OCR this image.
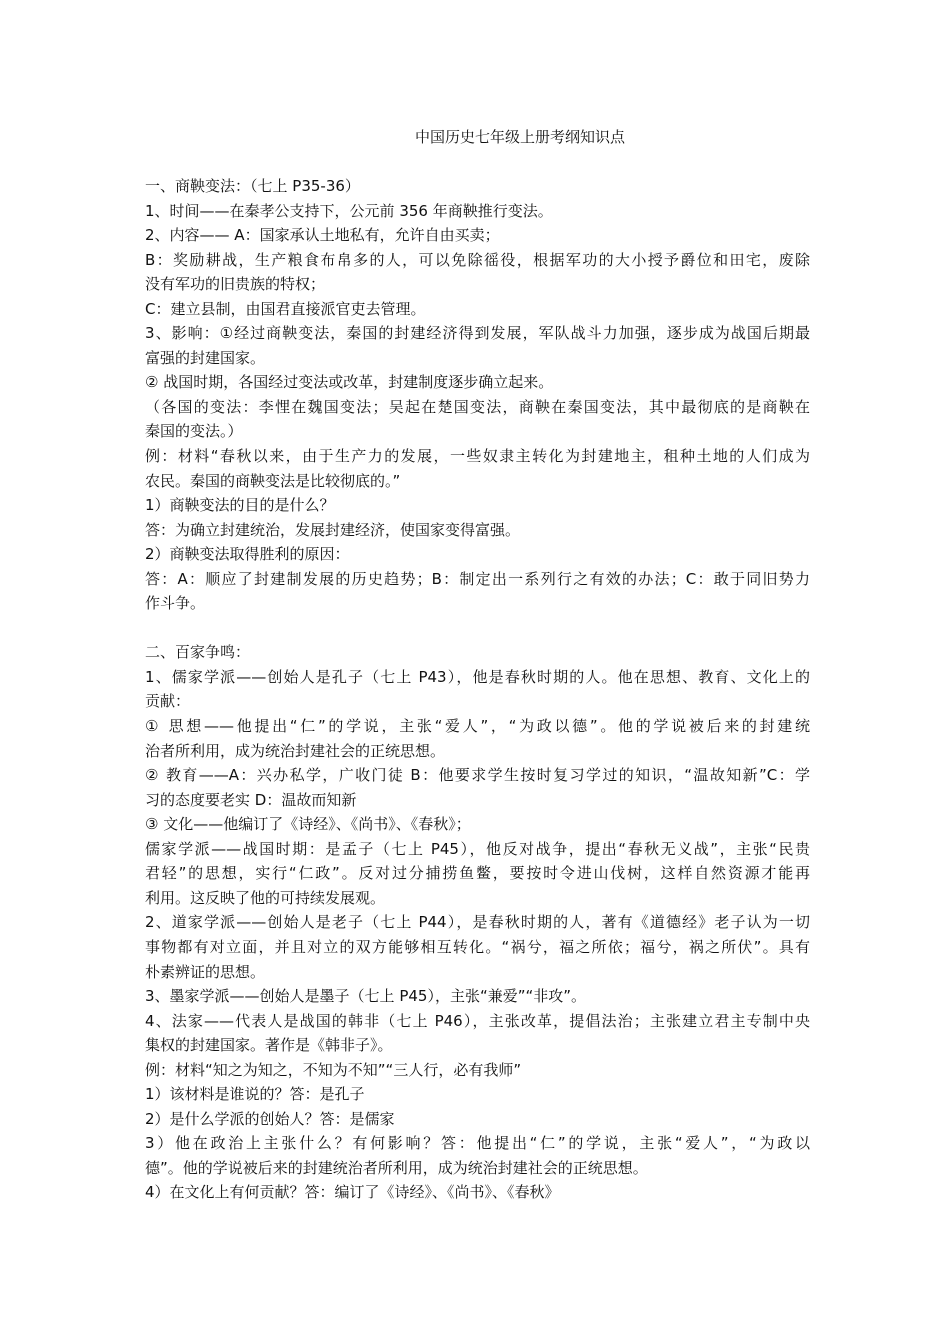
中国历史七年级上册考纲知识点
一、商鞅变法：（七上 P35-36）
1、时间——在秦孝公支持下，公元前 356 年商鞅推行变法。
2、内容—— A：国家承认土地私有，允许自由买卖；
B：奖励耕战，生产粮食布帛多的人，可以免除徭役，根据军功的大小授予爵位和田宅，废除
没有军功的旧贵族的特权；
C：建立县制，由国君直接派官吏去管理。
3、影响：①经过商鞅变法，秦国的封建经济得到发展，军队战斗力加强，逐步成为战国后期最
富强的封建国家。
② 战国时期，各国经过变法或改革，封建制度逐步确立起来。
（各国的变法：李悝在魏国变法；吴起在楚国变法，商鞅在秦国变法，其中最彻底的是商鞅在
秦国的变法。）
例：材料“春秋以来，由于生产力的发展，一些奴隶主转化为封建地主，租种土地的人们成为
农民。秦国的商鞅变法是比较彻底的。”
1）商鞅变法的目的是什么？
答：为确立封建统治，发展封建经济，使国家变得富强。
2）商鞅变法取得胜利的原因：
答：A：顺应了封建制发展的历史趋势；B：制定出一系列行之有效的办法；C：敢于同旧势力
作斗争。
二、百家争鸣：
1、儒家学派——创始人是孔子（七上 P43），他是春秋时期的人。他在思想、教育、文化上的
贡献：
① 思想——他提出“仁”的学说，主张“爱人”，“为政以德”。他的学说被后来的封建统
治者所利用，成为统治封建社会的正统思想。
② 教育——A：兴办私学，广收门徒 B：他要求学生按时复习学过的知识，“温故知新”C：学
习的态度要老实 D：温故而知新
③ 文化——他编订了《诗经》、《尚书》、《春秋》；
儒家学派——战国时期：是孟子（七上 P45），他反对战争，提出“春秋无义战”，主张“民贵
君轻”的思想，实行“仁政”。反对过分捕捞鱼鳖，要按时令进山伐树，这样自然资源才能再
利用。这反映了他的可持续发展观。
2、道家学派——创始人是老子（七上 P44），是春秋时期的人，著有《道德经》老子认为一切
事物都有对立面，并且对立的双方能够相互转化。“祸兮，福之所依；福兮，祸之所伏”。具有
朴素辨证的思想。
3、墨家学派——创始人是墨子（七上 P45），主张“兼爱”“非攻”。
4、法家——代表人是战国的韩非（七上 P46），主张改革，提倡法治；主张建立君主专制中央
集权的封建国家。著作是《韩非子》。
例：材料“知之为知之，不知为不知”“三人行，必有我师”
1）该材料是谁说的？答：是孔子
2）是什么学派的创始人？答：是儒家
3）他在政治上主张什么？有何影响？答：他提出“仁”的学说，主张“爱人”，“为政以
德”。他的学说被后来的封建统治者所利用，成为统治封建社会的正统思想。
4）在文化上有何贡献？答：编订了《诗经》、《尚书》、《春秋》
